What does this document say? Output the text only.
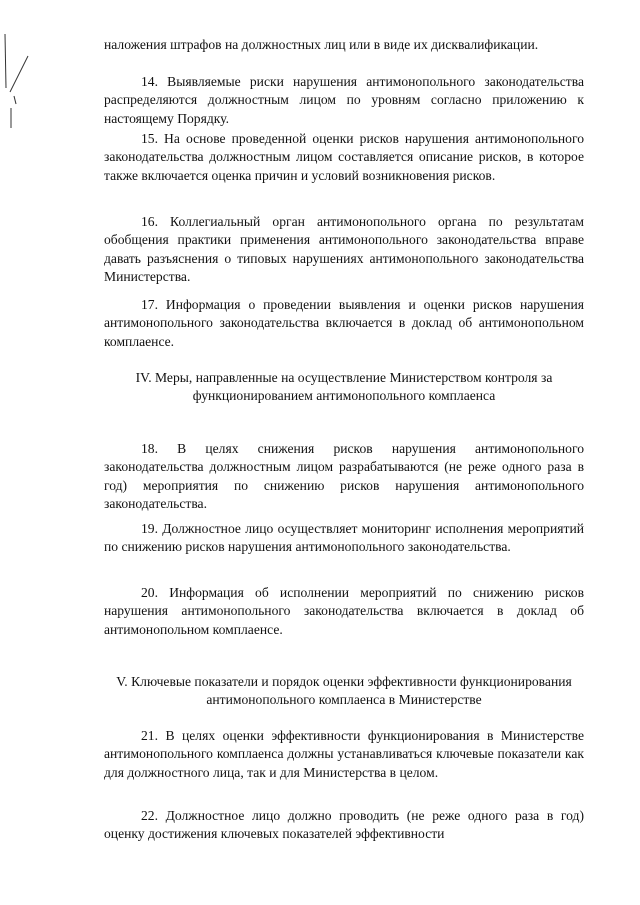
наложения штрафов на должностных лиц или в виде их дисквалификации.

14. Выявляемые риски нарушения антимонопольного законодательства распределяются должностным лицом по уровням согласно приложению к настоящему Порядку.

15. На основе проведенной оценки рисков нарушения антимонопольного законодательства должностным лицом составляется описание рисков, в которое также включается оценка причин и условий возникновения рисков.

16. Коллегиальный орган антимонопольного органа по результатам обобщения практики применения антимонопольного законодательства вправе давать разъяснения о типовых нарушениях антимонопольного законодательства Министерства.

17. Информация о проведении выявления и оценки рисков нарушения антимонопольного законодательства включается в доклад об антимонопольном комплаенсе.

IV. Меры, направленные на осуществление Министерством контроля за функционированием антимонопольного комплаенса

18. В целях снижения рисков нарушения антимонопольного законодательства должностным лицом разрабатываются (не реже одного раза в год) мероприятия по снижению рисков нарушения антимонопольного законодательства.

19. Должностное лицо осуществляет мониторинг исполнения мероприятий по снижению рисков нарушения антимонопольного законодательства.

20. Информация об исполнении мероприятий по снижению рисков нарушения антимонопольного законодательства включается в доклад об антимонопольном комплаенсе.

V. Ключевые показатели и порядок оценки эффективности функционирования антимонопольного комплаенса в Министерстве

21. В целях оценки эффективности функционирования в Министерстве антимонопольного комплаенса должны устанавливаться ключевые показатели как для должностного лица, так и для Министерства в целом.

22. Должностное лицо должно проводить (не реже одного раза в год) оценку достижения ключевых показателей эффективности
